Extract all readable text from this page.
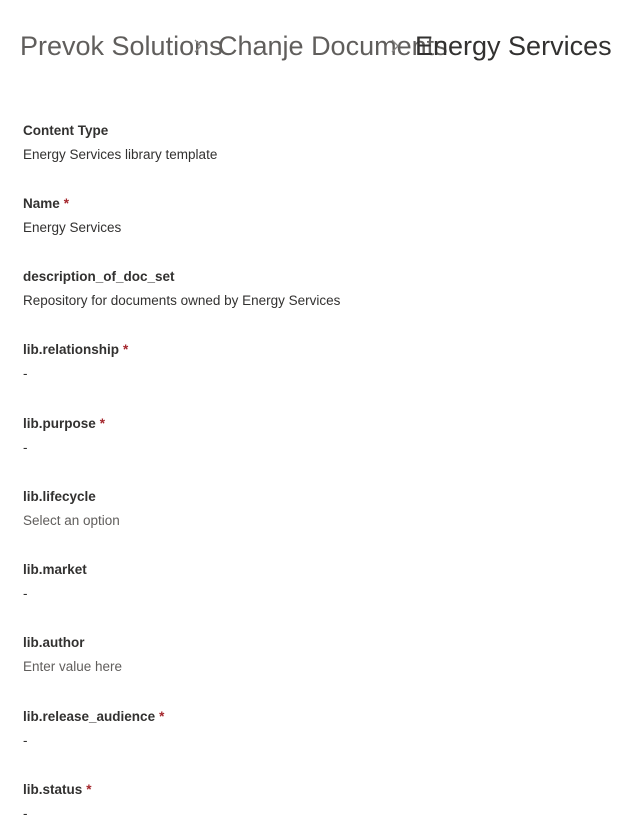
Prevok Solutions
Chanje Documents
Energy Services
Content Type
Energy Services library template
Name *
Energy Services
description_of_doc_set
Repository for documents owned by Energy Services
lib.relationship *
-
lib.purpose *
-
lib.lifecycle
Select an option
lib.market
-
lib.author
Enter value here
lib.release_audience *
-
lib.status *
-
